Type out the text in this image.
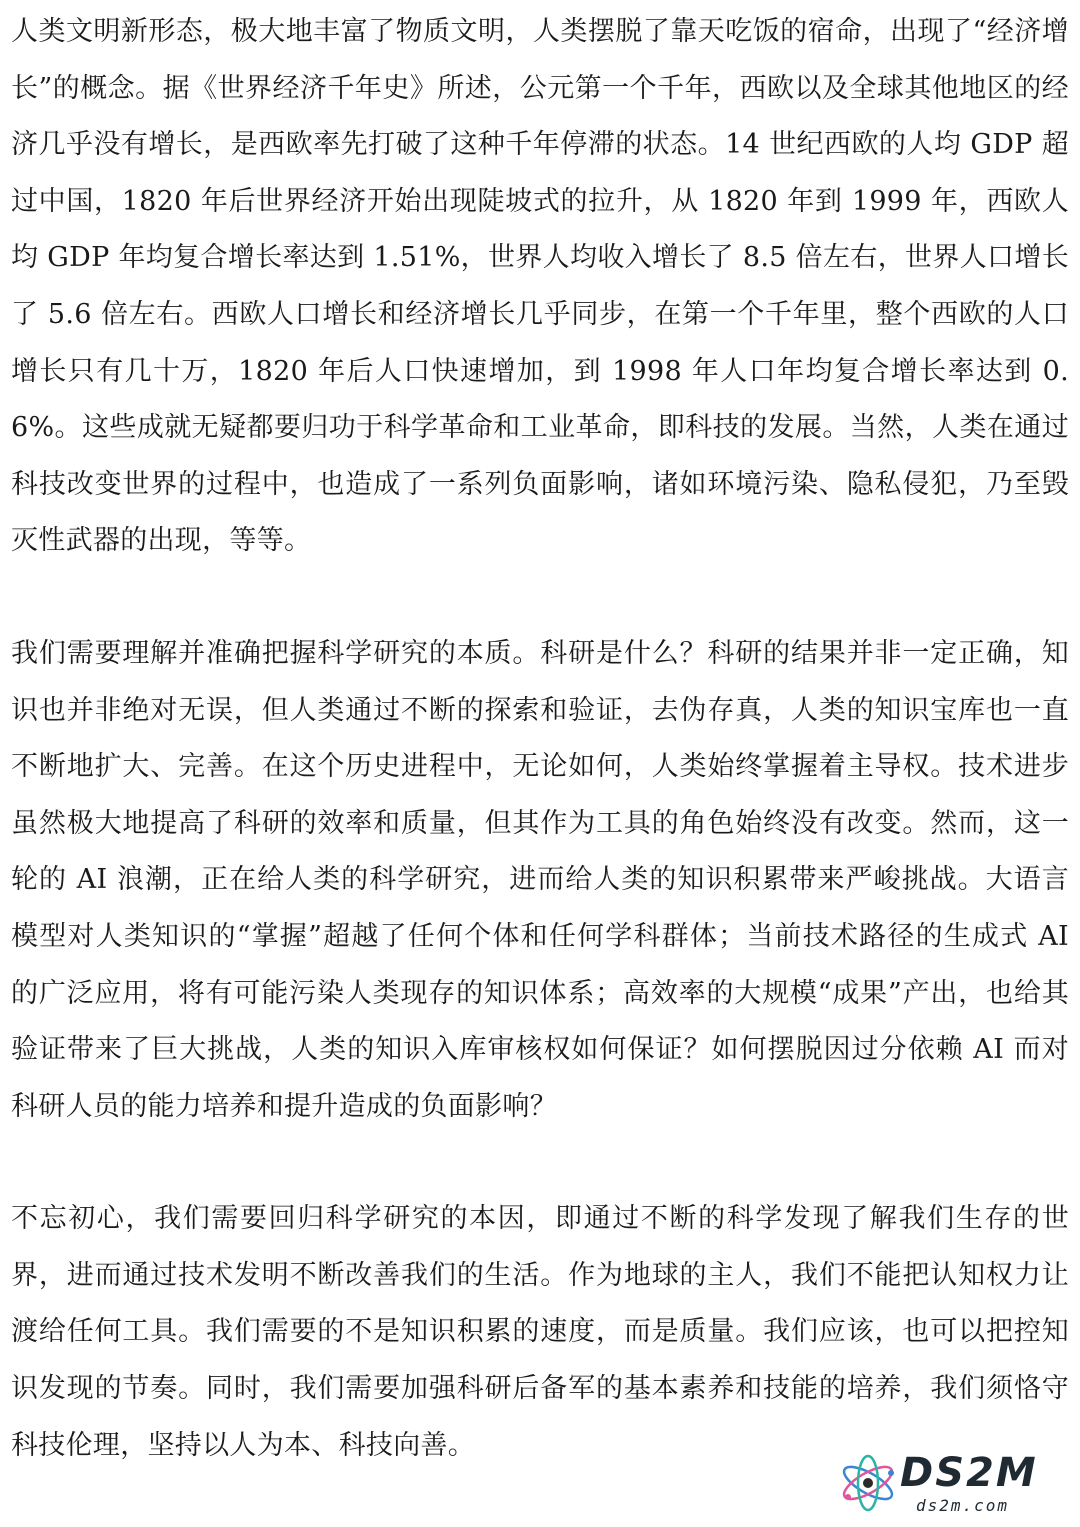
人类文明新形态，极大地丰富了物质文明，人类摆脱了靠天吃饭的宿命，出现了“经济增长”的概念。据《世界经济千年史》所述，公元第一个千年，西欧以及全球其他地区的经济几乎没有增长，是西欧率先打破了这种千年停滞的状态。14 世纪西欧的人均 GDP 超过中国，1820 年后世界经济开始出现陡坡式的拉升，从 1820 年到 1999 年，西欧人均 GDP 年均复合增长率达到 1.51%，世界人均收入增长了 8.5 倍左右，世界人口增长了 5.6 倍左右。西欧人口增长和经济增长几乎同步，在第一个千年里，整个西欧的人口增长只有几十万，1820 年后人口快速增加，到 1998 年人口年均复合增长率达到 0.6%。这些成就无疑都要归功于科学革命和工业革命，即科技的发展。当然，人类在通过科技改变世界的过程中，也造成了一系列负面影响，诸如环境污染、隐私侵犯，乃至毁灭性武器的出现，等等。

我们需要理解并准确把握科学研究的本质。科研是什么？科研的结果并非一定正确，知识也并非绝对无误，但人类通过不断的探索和验证，去伪存真，人类的知识宝库也一直不断地扩大、完善。在这个历史进程中，无论如何，人类始终掌握着主导权。技术进步虽然极大地提高了科研的效率和质量，但其作为工具的角色始终没有改变。然而，这一轮的 AI 浪潮，正在给人类的科学研究，进而给人类的知识积累带来严峻挑战。大语言模型对人类知识的“掌握”超越了任何个体和任何学科群体；当前技术路径的生成式 AI 的广泛应用，将有可能污染人类现存的知识体系；高效率的大规模“成果”产出，也给其验证带来了巨大挑战，人类的知识入库审核权如何保证？如何摆脱因过分依赖 AI 而对科研人员的能力培养和提升造成的负面影响？

不忘初心，我们需要回归科学研究的本因，即通过不断的科学发现了解我们生存的世界，进而通过技术发明不断改善我们的生活。作为地球的主人，我们不能把认知权力让渡给任何工具。我们需要的不是知识积累的速度，而是质量。我们应该，也可以把控知识发现的节奏。同时，我们需要加强科研后备军的基本素养和技能的培养，我们须恪守科技伦理，坚持以人为本、科技向善。

DS2M
ds2m.com
